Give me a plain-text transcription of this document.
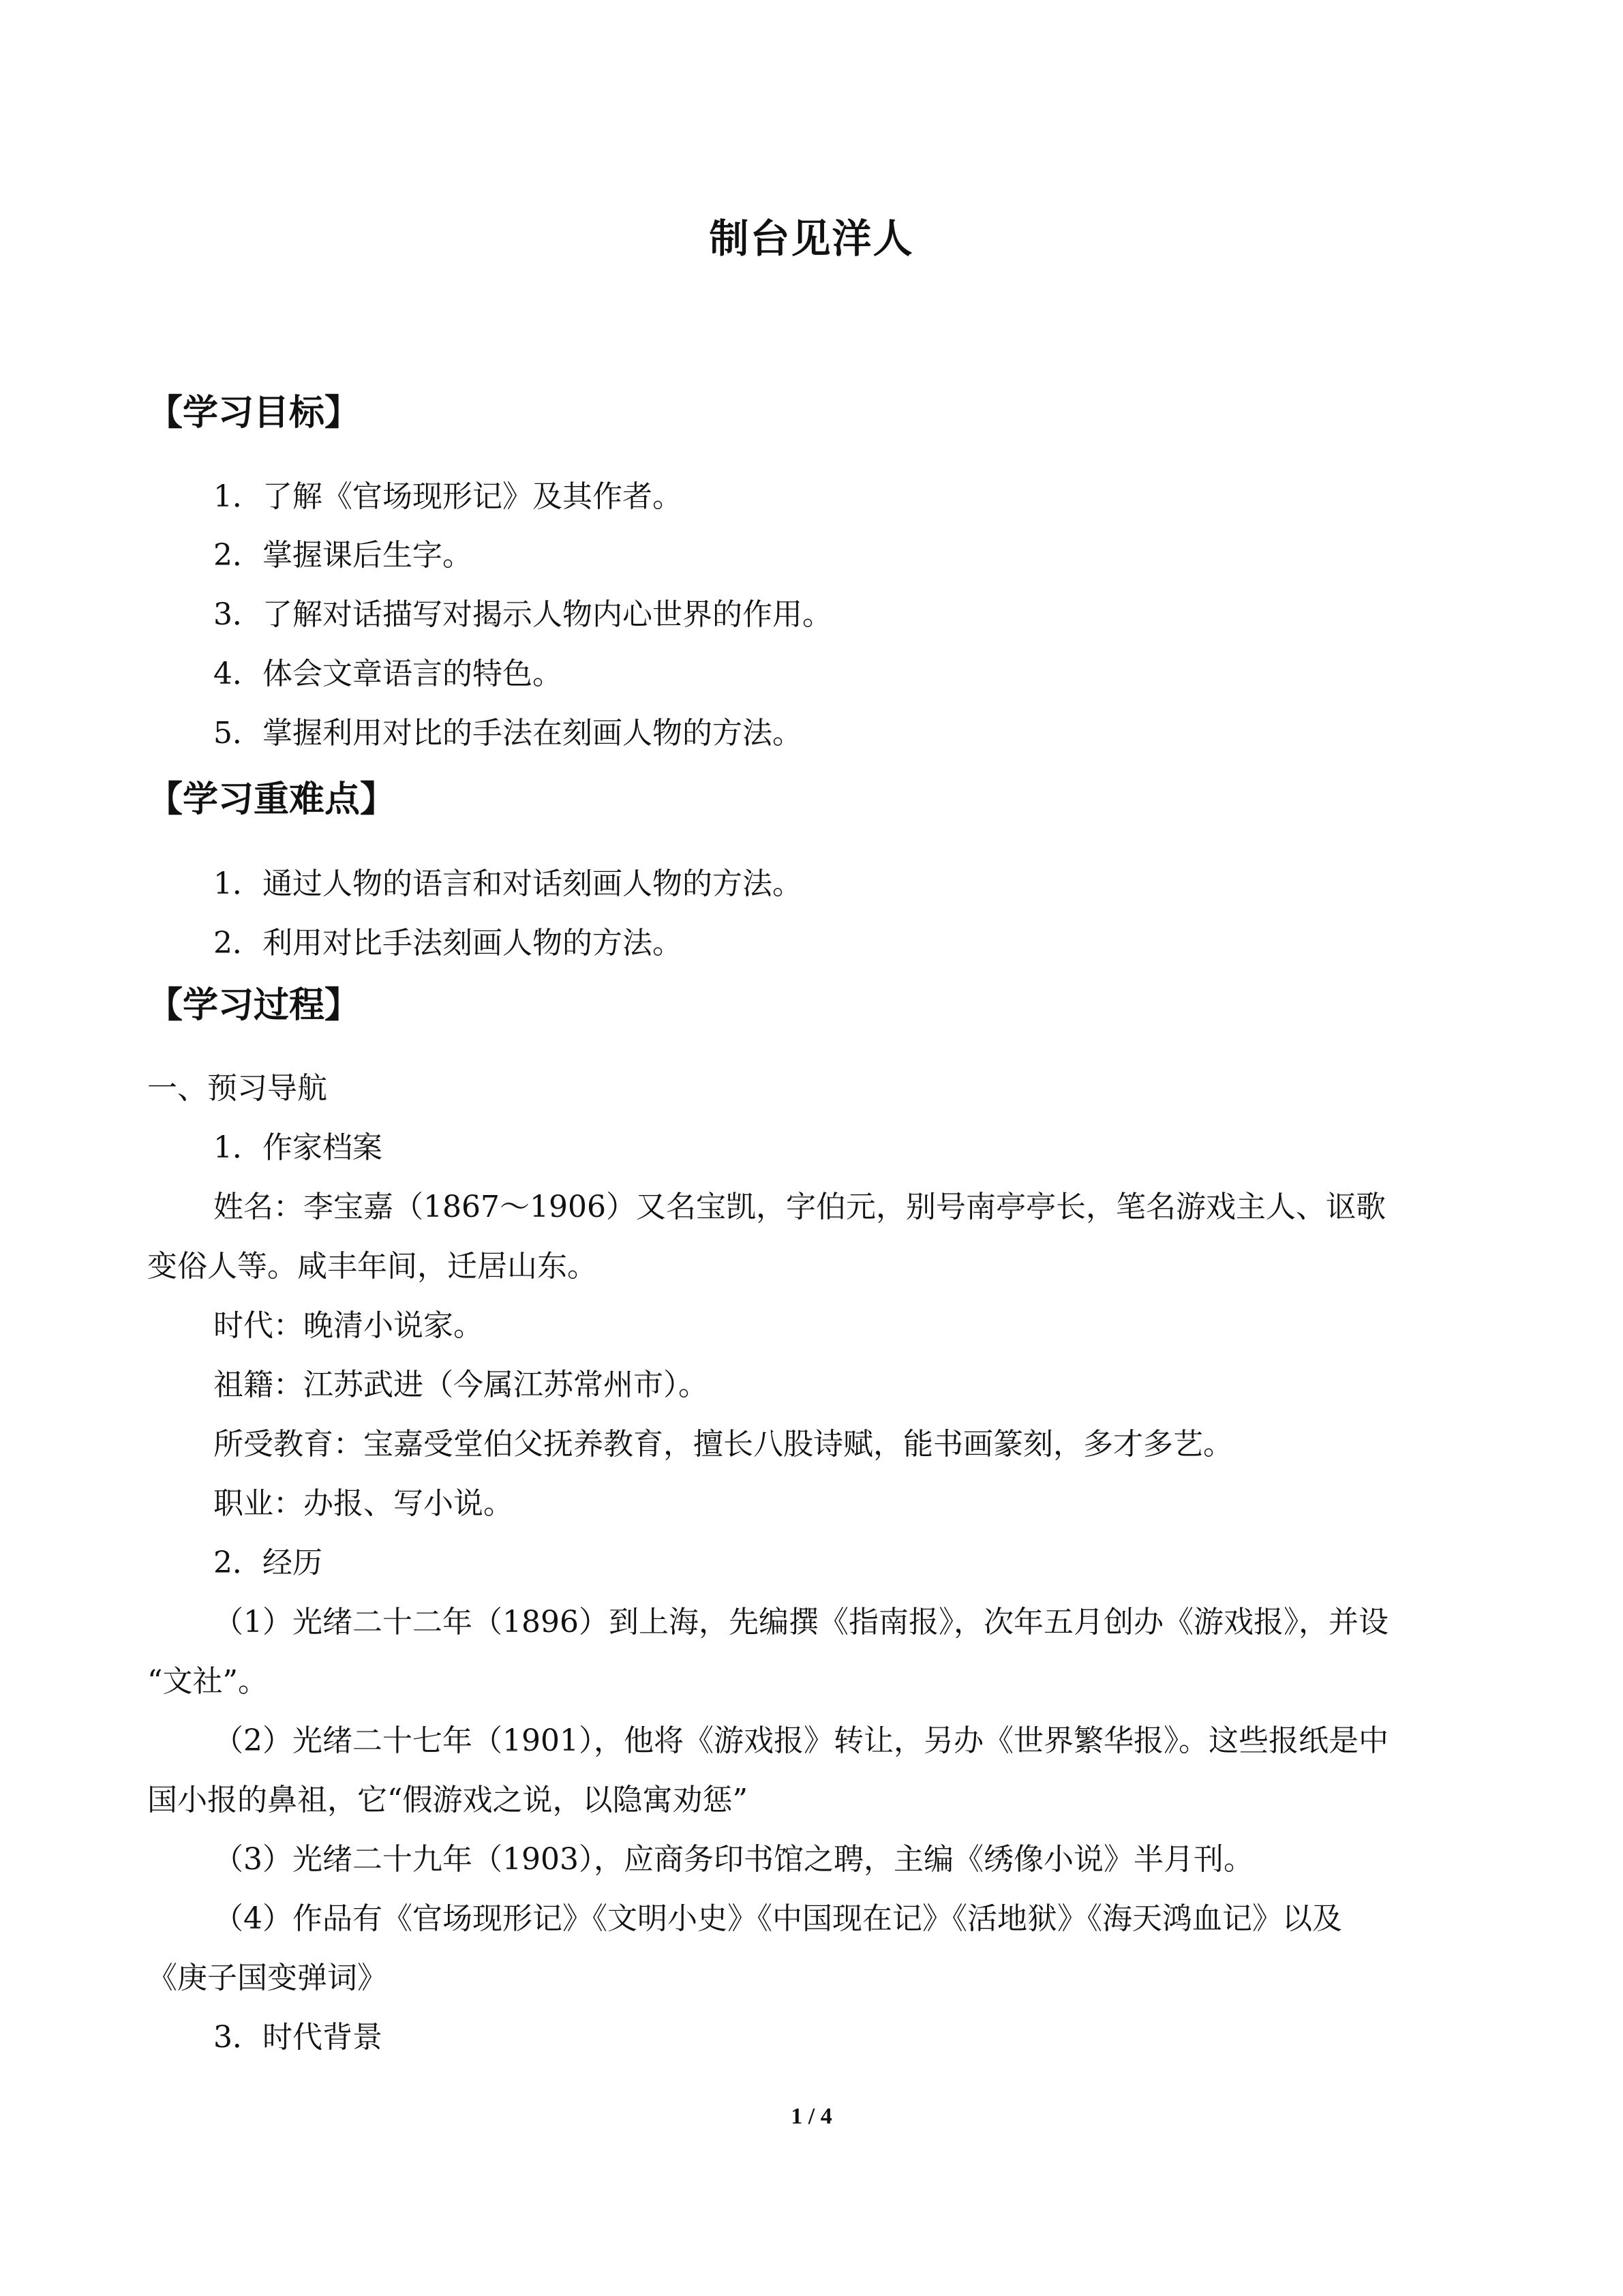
制台见洋人
【学习目标】
1．了解《官场现形记》及其作者。
2．掌握课后生字。
3．了解对话描写对揭示人物内心世界的作用。
4．体会文章语言的特色。
5．掌握利用对比的手法在刻画人物的方法。
【学习重难点】
1．通过人物的语言和对话刻画人物的方法。
2．利用对比手法刻画人物的方法。
【学习过程】
一、预习导航
1．作家档案
姓名：李宝嘉（1867～1906）又名宝凯，字伯元，别号南亭亭长，笔名游戏主人、讴歌
变俗人等。咸丰年间，迁居山东。
时代：晚清小说家。
祖籍：江苏武进（今属江苏常州市）。
所受教育：宝嘉受堂伯父抚养教育，擅长八股诗赋，能书画篆刻，多才多艺。
职业：办报、写小说。
2．经历
（1）光绪二十二年（1896）到上海，先编撰《指南报》，次年五月创办《游戏报》，并设
“文社”。
（2）光绪二十七年（1901），他将《游戏报》转让，另办《世界繁华报》。这些报纸是中
国小报的鼻祖，它“假游戏之说，以隐寓劝惩”
（3）光绪二十九年（1903），应商务印书馆之聘，主编《绣像小说》半月刊。
（4）作品有《官场现形记》《文明小史》《中国现在记》《活地狱》《海天鸿血记》以及
《庚子国变弹词》
3．时代背景
1 / 4
